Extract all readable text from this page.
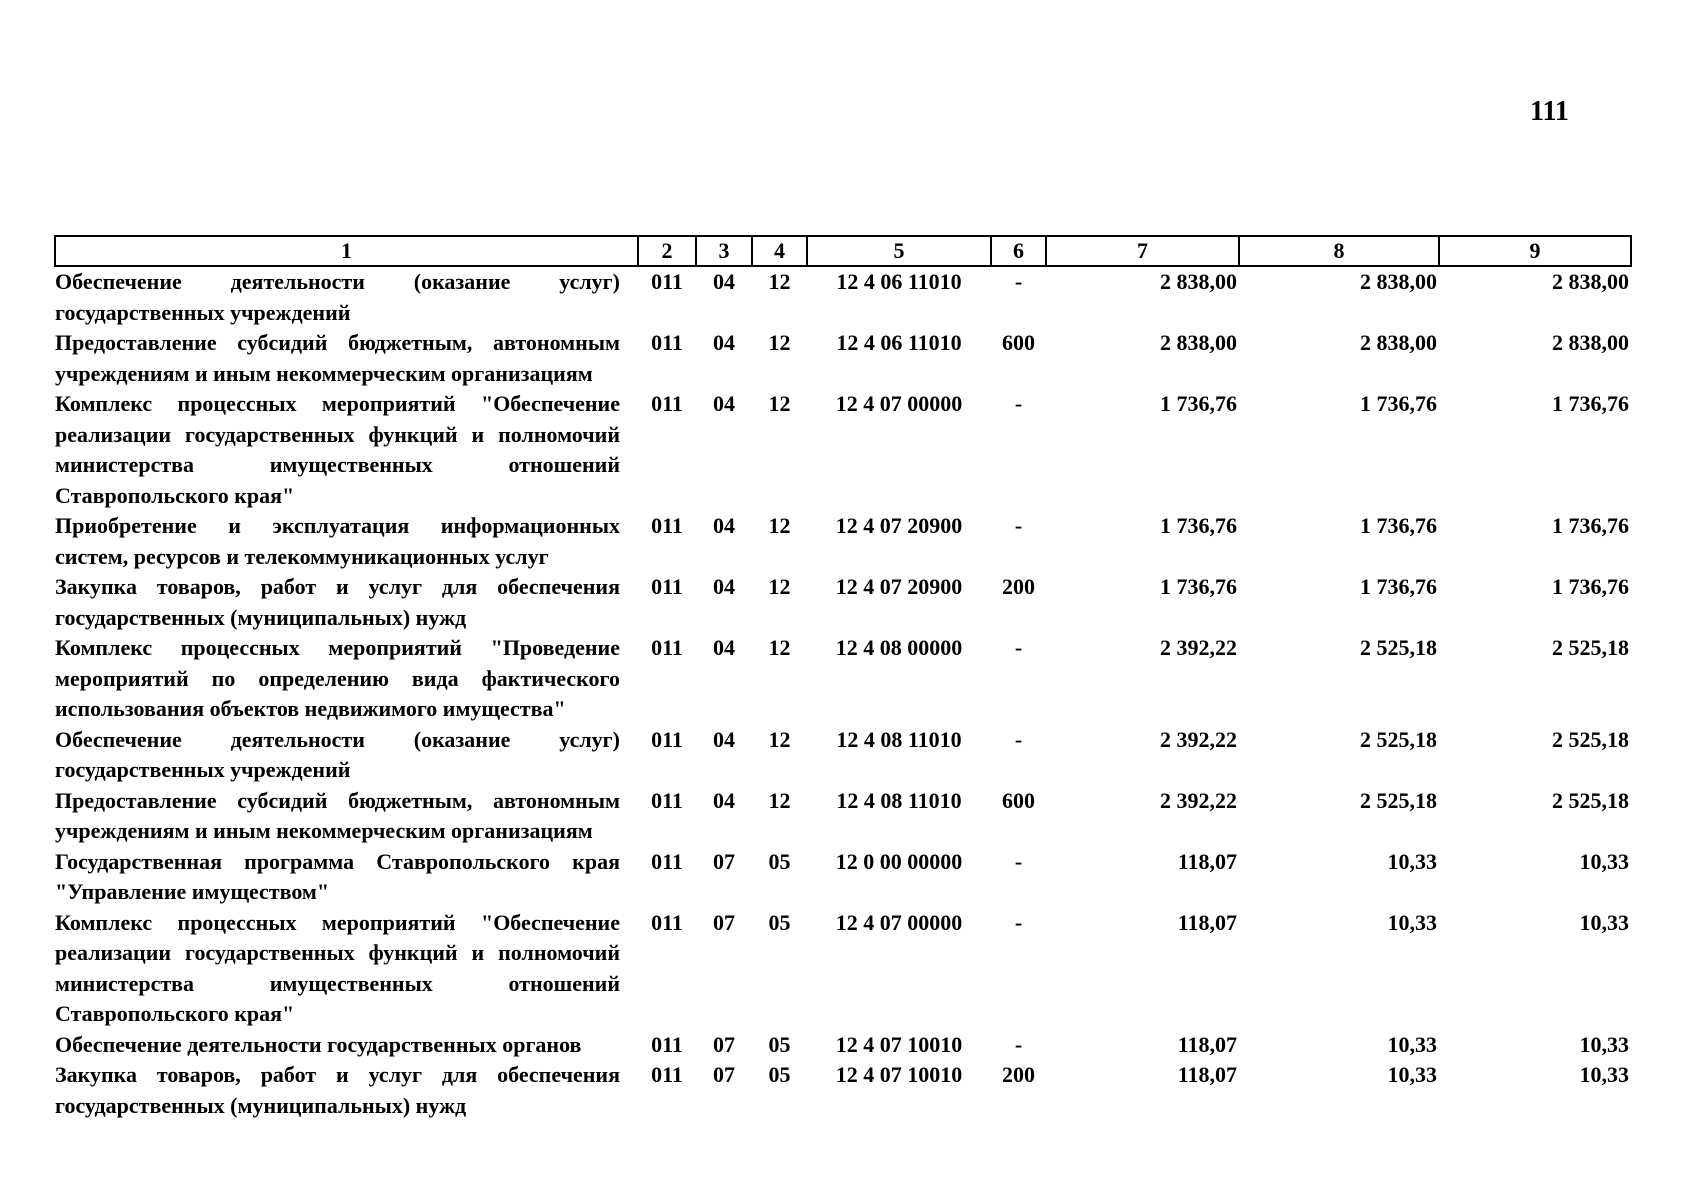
111
1	2	3	4	5	6	7	8	9
Обеспечение деятельности (оказание услуг) государственных учреждений	011	04	12	12 4 06 11010	-	2 838,00	2 838,00	2 838,00
Предоставление субсидий бюджетным, автономным учреждениям и иным некоммерческим организациям	011	04	12	12 4 06 11010	600	2 838,00	2 838,00	2 838,00
Комплекс процессных мероприятий "Обеспечение реализации государственных функций и полномочий министерства имущественных отношений Ставропольского края"	011	04	12	12 4 07 00000	-	1 736,76	1 736,76	1 736,76
Приобретение и эксплуатация информационных систем, ресурсов и телекоммуникационных услуг	011	04	12	12 4 07 20900	-	1 736,76	1 736,76	1 736,76
Закупка товаров, работ и услуг для обеспечения государственных (муниципальных) нужд	011	04	12	12 4 07 20900	200	1 736,76	1 736,76	1 736,76
Комплекс процессных мероприятий "Проведение мероприятий по определению вида фактического использования объектов недвижимого имущества"	011	04	12	12 4 08 00000	-	2 392,22	2 525,18	2 525,18
Обеспечение деятельности (оказание услуг) государственных учреждений	011	04	12	12 4 08 11010	-	2 392,22	2 525,18	2 525,18
Предоставление субсидий бюджетным, автономным учреждениям и иным некоммерческим организациям	011	04	12	12 4 08 11010	600	2 392,22	2 525,18	2 525,18
Государственная программа Ставропольского края "Управление имуществом"	011	07	05	12 0 00 00000	-	118,07	10,33	10,33
Комплекс процессных мероприятий "Обеспечение реализации государственных функций и полномочий министерства имущественных отношений Ставропольского края"	011	07	05	12 4 07 00000	-	118,07	10,33	10,33
Обеспечение деятельности государственных органов	011	07	05	12 4 07 10010	-	118,07	10,33	10,33
Закупка товаров, работ и услуг для обеспечения государственных (муниципальных) нужд	011	07	05	12 4 07 10010	200	118,07	10,33	10,33
